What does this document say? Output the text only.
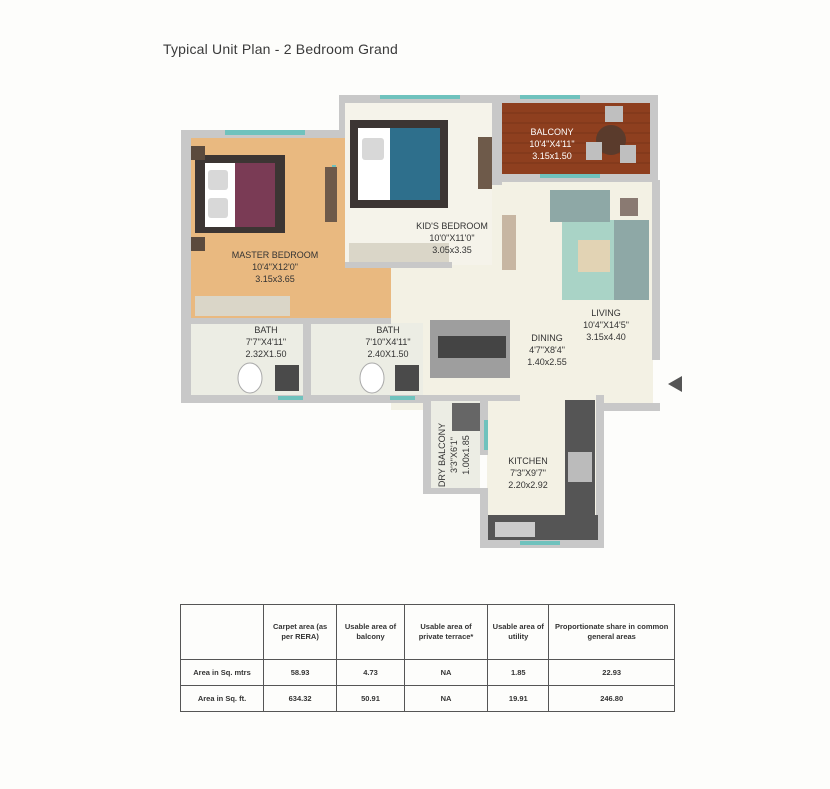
Typical Unit Plan - 2 Bedroom Grand
BALCONY
10'4"X4'11"
3.15x1.50
KID'S BEDROOM
10'0"X11'0"
3.05x3.35
MASTER BEDROOM
10'4"X12'0"
3.15x3.65
LIVING
10'4"X14'5"
3.15x4.40
BATH
7'7"X4'11"
2.32X1.50
BATH
7'10"X4'11"
2.40X1.50
DINING
4'7"X8'4"
1.40x2.55
DRY BALCONY 3'3"X6'1" 1.00x1.85	KITCHEN
7'3"X9'7"
2.20x2.92
	Carpet area (as per RERA)	Usable area of balcony	Usable area of private terrace*	Usable area of utility	Proportionate share in common general areas
Area in Sq. mtrs	58.93	4.73	NA	1.85	22.93
Area in Sq. ft.	634.32	50.91	NA	19.91	246.80
